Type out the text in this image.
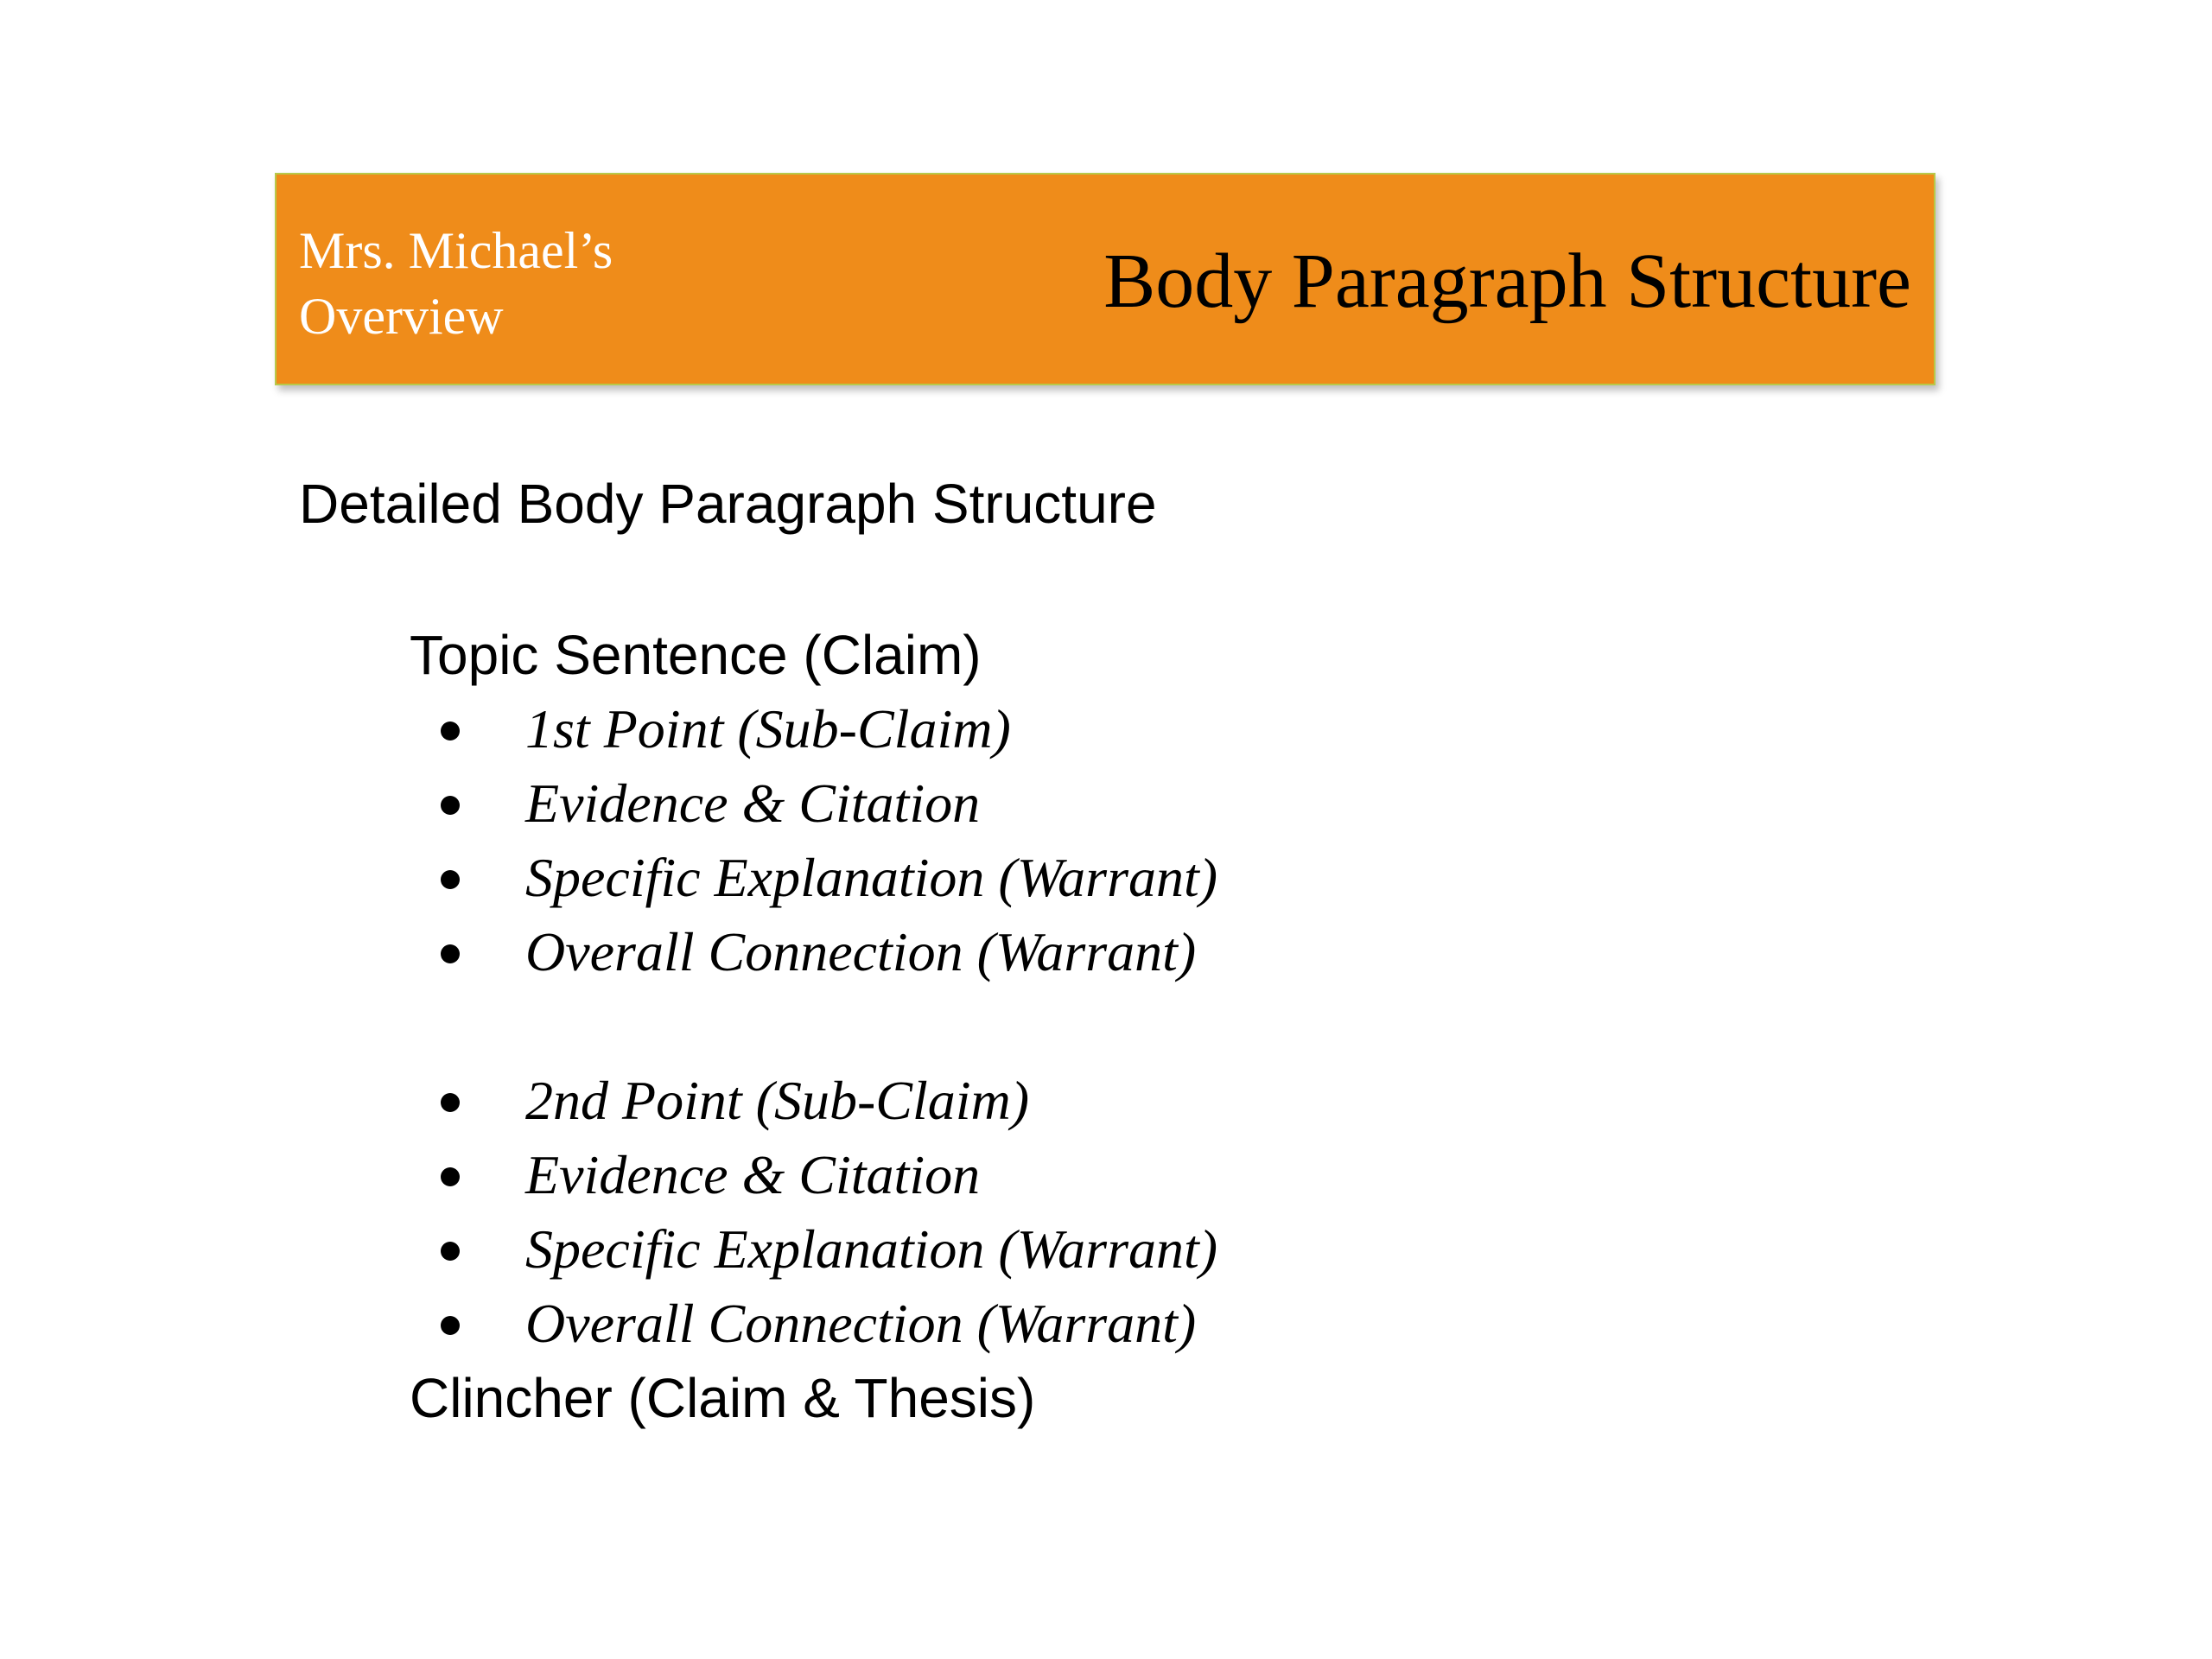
Mrs. Michael’s
Overview	Body Paragraph Structure
Detailed Body Paragraph Structure
Topic Sentence (Claim)
1st Point (Sub-Claim)
Evidence & Citation
Specific Explanation (Warrant)
Overall Connection (Warrant)
2nd Point (Sub-Claim)
Evidence & Citation
Specific Explanation (Warrant)
Overall Connection (Warrant)
Clincher (Claim & Thesis)
